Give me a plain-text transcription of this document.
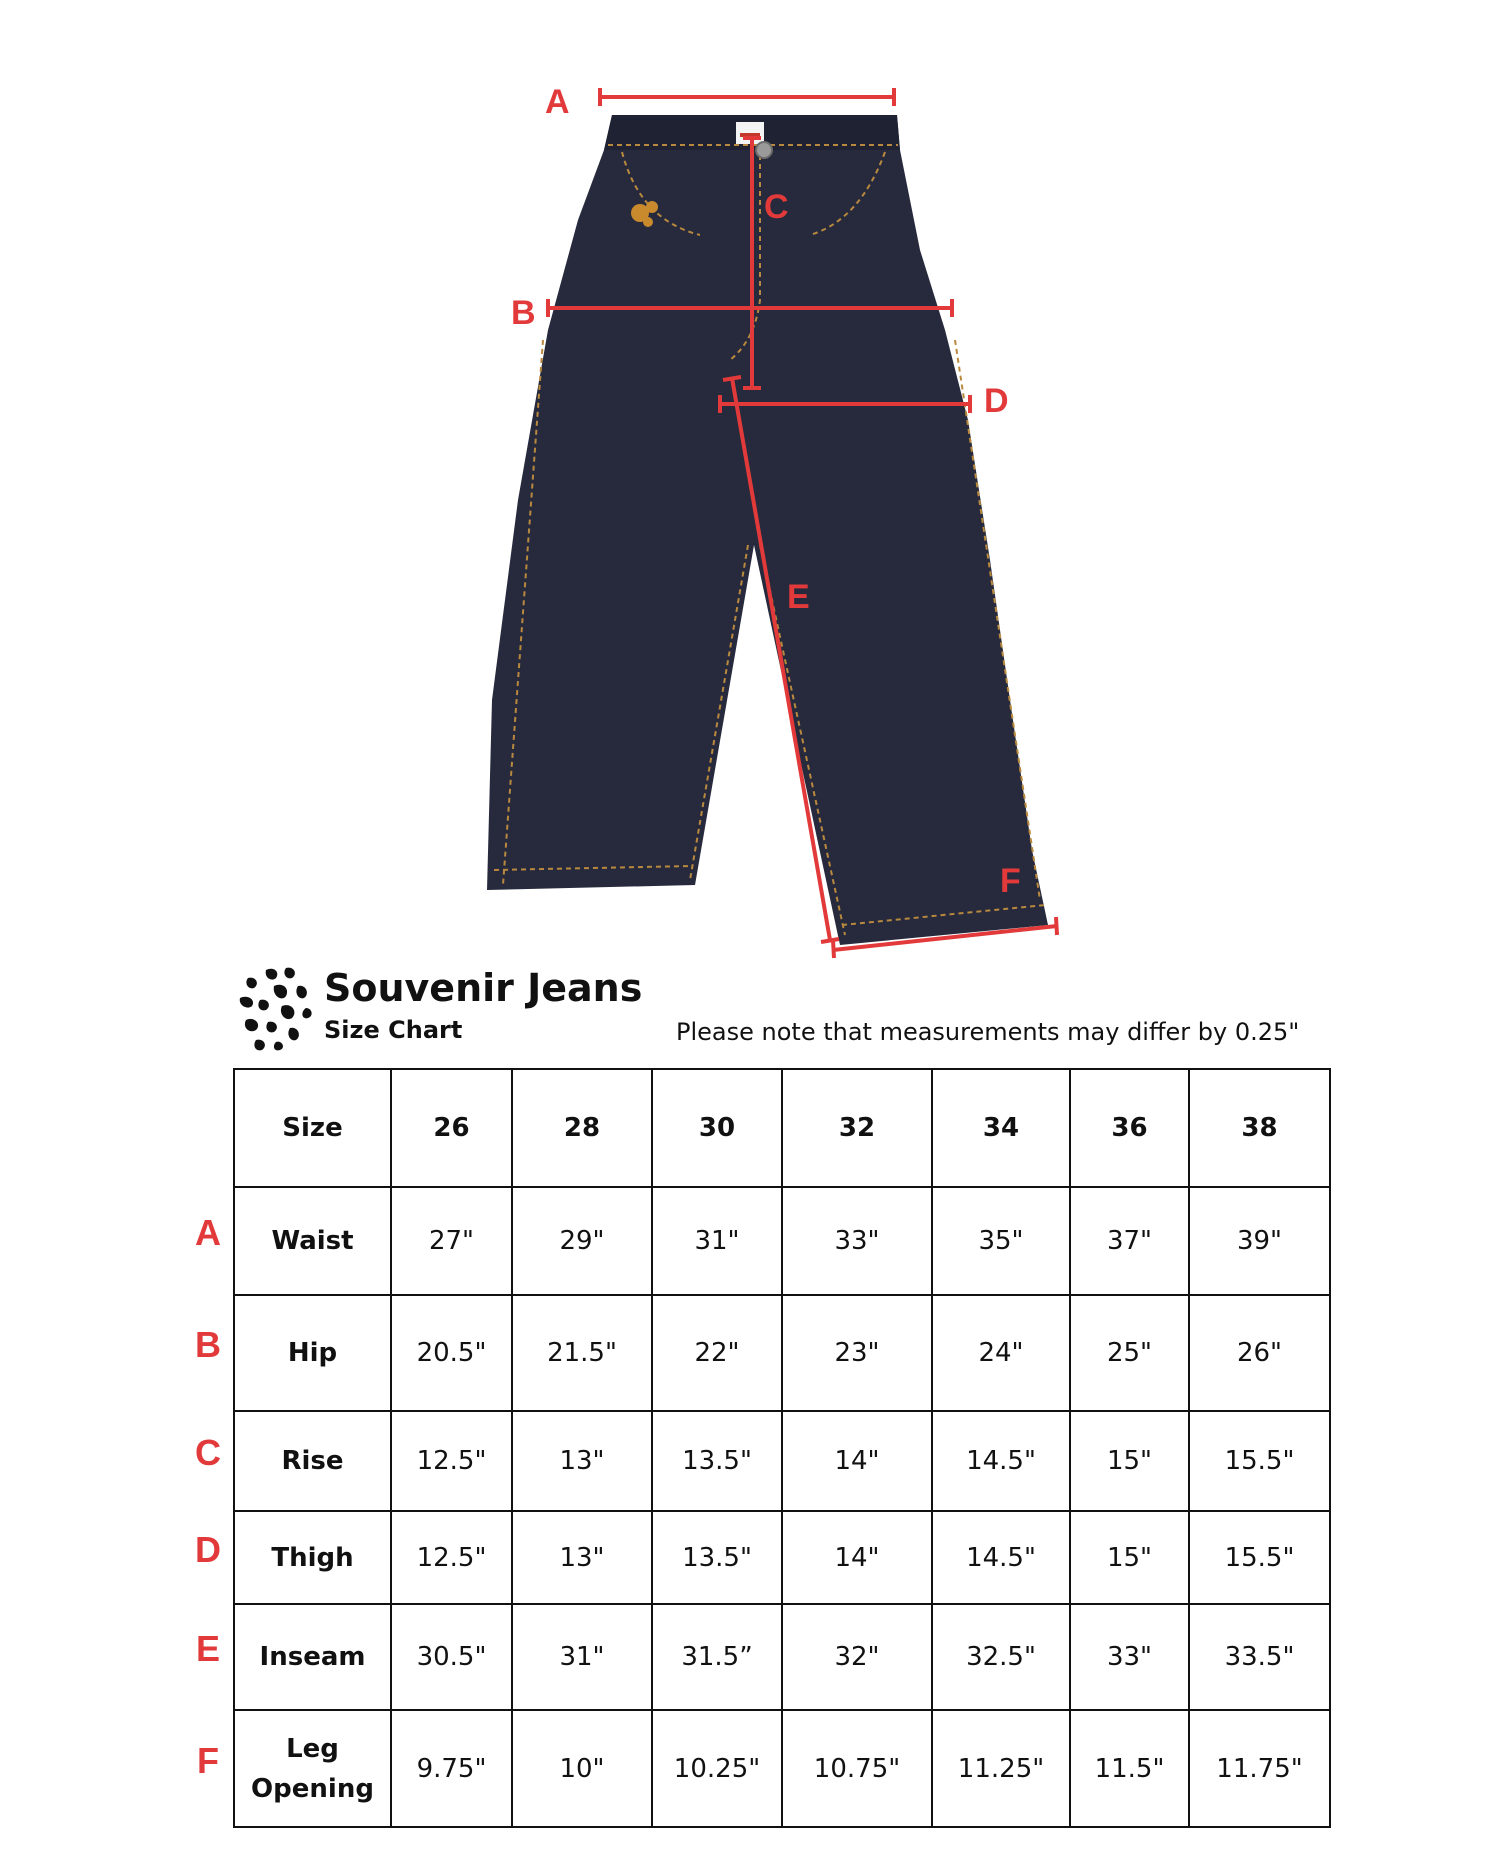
A
B
C
D
E
F
Souvenir Jeans
Size Chart	Please note that measurements may differ by 0.25"
A
B
C
D
E
F
Size	26	28	30	32	34	36	38
Waist	27"	29"	31"	33"	35"	37"	39"
Hip	20.5"	21.5"	22"	23"	24"	25"	26"
Rise	12.5"	13"	13.5"	14"	14.5"	15"	15.5"
Thigh	12.5"	13"	13.5"	14"	14.5"	15"	15.5"
Inseam	30.5"	31"	31.5”	32"	32.5"	33"	33.5"
Leg Opening	9.75"	10"	10.25"	10.75"	11.25"	11.5"	11.75"
